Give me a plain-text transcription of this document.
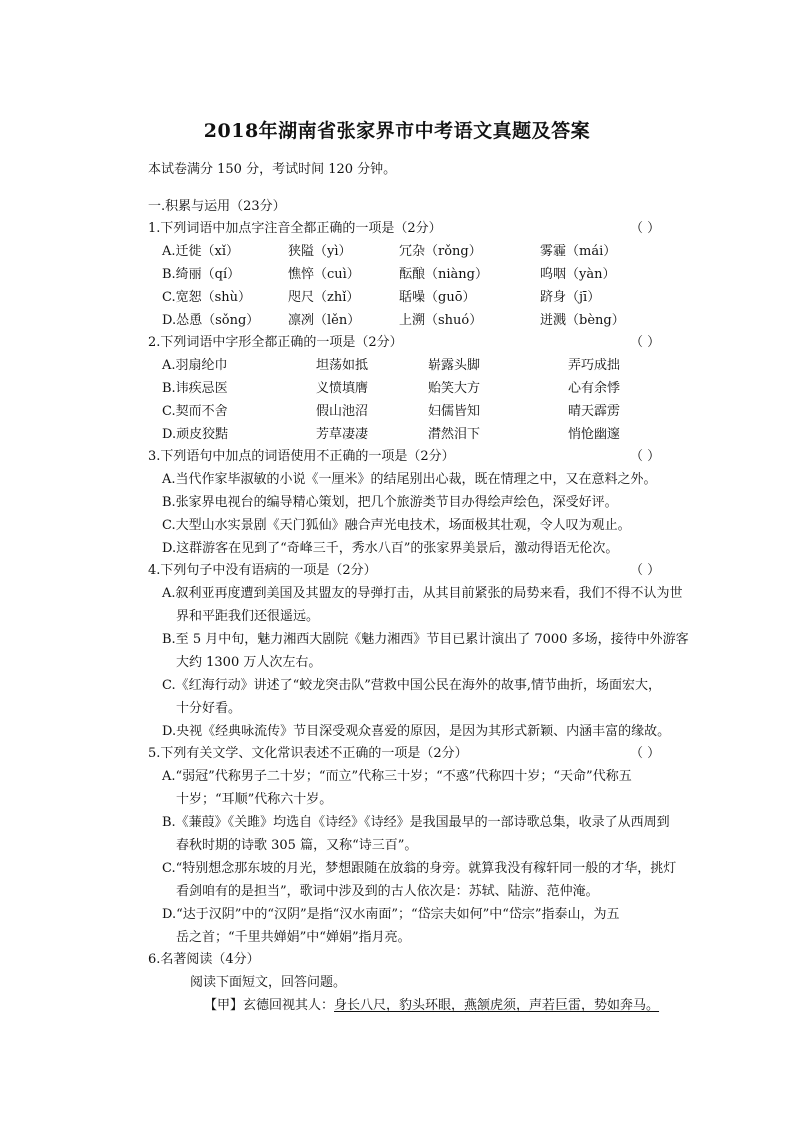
2018年湖南省张家界市中考语文真题及答案
本试卷满分 150 分，考试时间 120 分钟。
一.积累与运用（23分）
1.下列词语中加点字注音全都正确的一项是（2分）	（ ）
A.迁徙（xǐ）	狭隘（yì）	冗杂（rǒng）	雾霾（mái）
B.绮丽（qí）	憔悴（cuì）	酝酿（niàng）	呜咽（yàn）
C.宽恕（shù）	咫尺（zhǐ）	聒噪（guō）	跻身（jī）
D.怂恿（sǒng） 凛冽（lěn）	上溯（shuó）	迸溅（bèng）
2.下列词语中字形全都正确的一项是（2分）	（ ）
A.羽扇纶巾	坦荡如抵	崭露头脚	弄巧成拙
B.讳疾忌医	义愤填膺	贻笑大方	心有余悸
C.契而不舍	假山池沼	妇儒皆知	晴天霹雳
D.顽皮狡黠	芳草凄凄	潸然泪下	悄怆幽邃
3.下列语句中加点的词语使用不正确的一项是（2分）	（ ）
A.当代作家毕淑敏的小说《一厘米》的结尾别出心裁，既在情理之中，又在意料之外。
B.张家界电视台的编导精心策划，把几个旅游类节目办得绘声绘色，深受好评。
C.大型山水实景剧《天门狐仙》融合声光电技术，场面极其壮观，令人叹为观止。
D.这群游客在见到了“奇峰三千，秀水八百”的张家界美景后，激动得语无伦次。
4.下列句子中没有语病的一项是（2分）	（ ）
A.叙利亚再度遭到美国及其盟友的导弹打击，从其目前紧张的局势来看，我们不得不认为世
界和平距我们还很遥远。
B.至 5 月中旬，魅力湘西大剧院《魅力湘西》节目已累计演出了 7000 多场，接待中外游客
大约 1300 万人次左右。
C.《红海行动》讲述了“蛟龙突击队”营救中国公民在海外的故事,情节曲折，场面宏大，
十分好看。
D.央视《经典咏流传》节目深受观众喜爱的原因，是因为其形式新颖、内涵丰富的缘故。
5.下列有关文学、文化常识表述不正确的一项是（2分）	（ ）
A.“弱冠”代称男子二十岁；“而立”代称三十岁；“不惑”代称四十岁；“天命”代称五
十岁；“耳顺”代称六十岁。
B.《蒹葭》《关雎》均选自《诗经》《诗经》是我国最早的一部诗歌总集，收录了从西周到
春秋时期的诗歌 305 篇，又称“诗三百”。
C.“特别想念那东坡的月光，梦想跟随在放翁的身旁。就算我没有稼轩同一般的才华，挑灯
看剑咱有的是担当”，歌词中涉及到的古人依次是：苏轼、陆游、范仲淹。
D.“达于汉阴”中的“汉阴”是指“汉水南面”；“岱宗夫如何”中“岱宗”指泰山，为五
岳之首；“千里共婵娟”中“婵娟”指月亮。
6.名著阅读（4分）
阅读下面短文，回答问题。
【甲】玄德回视其人：身长八尺，豹头环眼，燕颔虎须，声若巨雷，势如奔马。
